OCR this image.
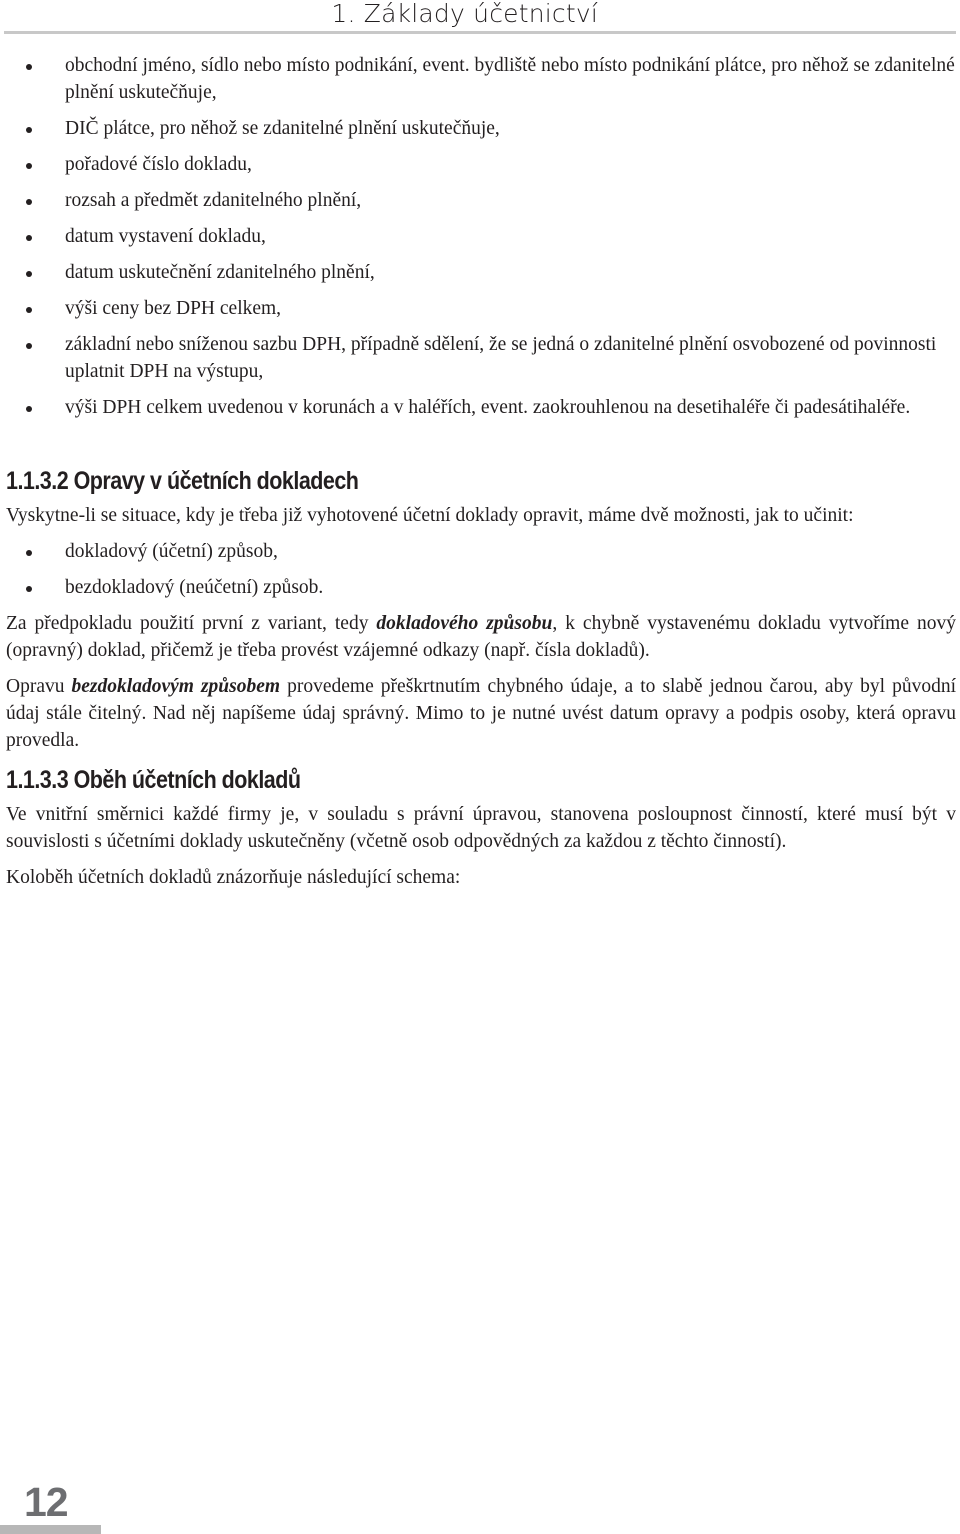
1. Základy účetnictví
obchodní jméno, sídlo nebo místo podnikání, event. bydliště nebo místo podnikání plátce, pro něhož se zdanitelné plnění uskutečňuje,
DIČ plátce, pro něhož se zdanitelné plnění uskutečňuje,
pořadové číslo dokladu,
rozsah a předmět zdanitelného plnění,
datum vystavení dokladu,
datum uskutečnění zdanitelného plnění,
výši ceny bez DPH celkem,
základní nebo sníženou sazbu DPH, případně sdělení, že se jedná o zdanitelné plnění osvobozené od povinnosti uplatnit DPH na výstupu,
výši DPH celkem uvedenou v korunách a v haléřích, event. zaokrouhlenou na desetihaléře či padesátihaléře.
1.1.3.2 Opravy v účetních dokladech

Vyskytne-li se situace, kdy je třeba již vyhotovené účetní doklady opravit, máme dvě možnosti, jak to učinit:

dokladový (účetní) způsob,
bezdokladový (neúčetní) způsob.

Za předpokladu použití první z variant, tedy dokladového způsobu, k chybně vystavenému dokladu vytvoříme nový (opravný) doklad, přičemž je třeba provést vzájemné odkazy (např. čísla dokladů).

Opravu bezdokladovým způsobem provedeme přeškrtnutím chybného údaje, a to slabě jednou čarou, aby byl původní údaj stále čitelný. Nad něj napíšeme údaj správný. Mimo to je nutné uvést datum opravy a podpis osoby, která opravu provedla.

1.1.3.3 Oběh účetních dokladů

Ve vnitřní směrnici každé firmy je, v souladu s právní úpravou, stanovena posloupnost činností, které musí být v souvislosti s účetními doklady uskutečněny (včetně osob odpovědných za každou z těchto činností).

Koloběh účetních dokladů znázorňuje následující schema:

12
